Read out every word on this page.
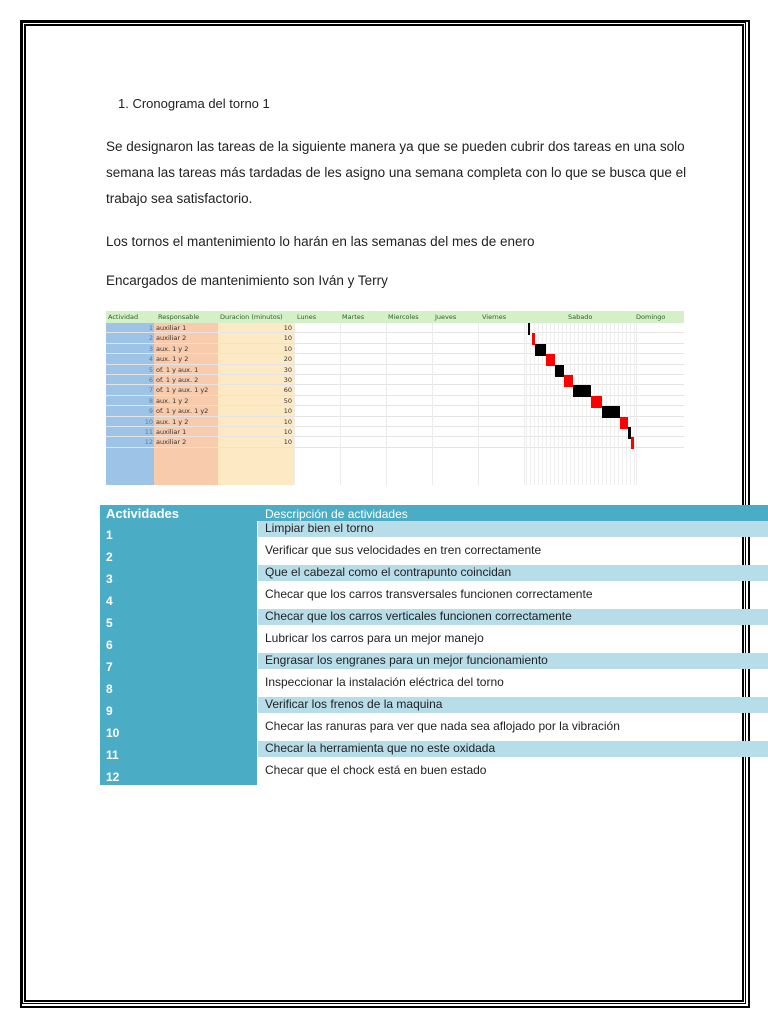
1. Cronograma del torno 1
Se designaron las tareas de la siguiente manera ya que se pueden cubrir dos tareas en una solo semana las tareas más tardadas de les asigno una semana completa con lo que se busca que el trabajo sea satisfactorio.
Los tornos el mantenimiento lo harán en las semanas del mes de enero
Encargados de mantenimiento son Iván y Terry
Actividad	Responsable	Duracion (minutos) Lunes	Martes	Miercoles	Jueves	Viernes	Sabado	Domingo
1 auxiliar 1	10
2 auxiliar 2	10
3 aux. 1 y 2	10
4 aux. 1 y 2	20
5 of. 1 y aux. 1	30
6 of. 1 y aux. 2	30
7 of. 1 y aux. 1 y2	60
8 aux. 1 y 2	50
9 of. 1 y aux. 1 y2	10
10 aux. 1 y 2	10
11 auxiliar 1	10
12 auxiliar 2	10
Actividades	Descripción de actividades
1	Limpiar bien el torno
2	Verificar que sus velocidades en tren correctamente
3	Que el cabezal como el contrapunto coincidan
4	Checar que los carros transversales funcionen correctamente
5	Checar que los carros verticales funcionen correctamente
6	Lubricar los carros para un mejor manejo
7	Engrasar los engranes para un mejor funcionamiento
8	Inspeccionar la instalación eléctrica del torno
9	Verificar los frenos de la maquina
10	Checar las ranuras para ver que nada sea aflojado por la vibración
11	Checar la herramienta que no este oxidada
12	Checar que el chock está en buen estado
